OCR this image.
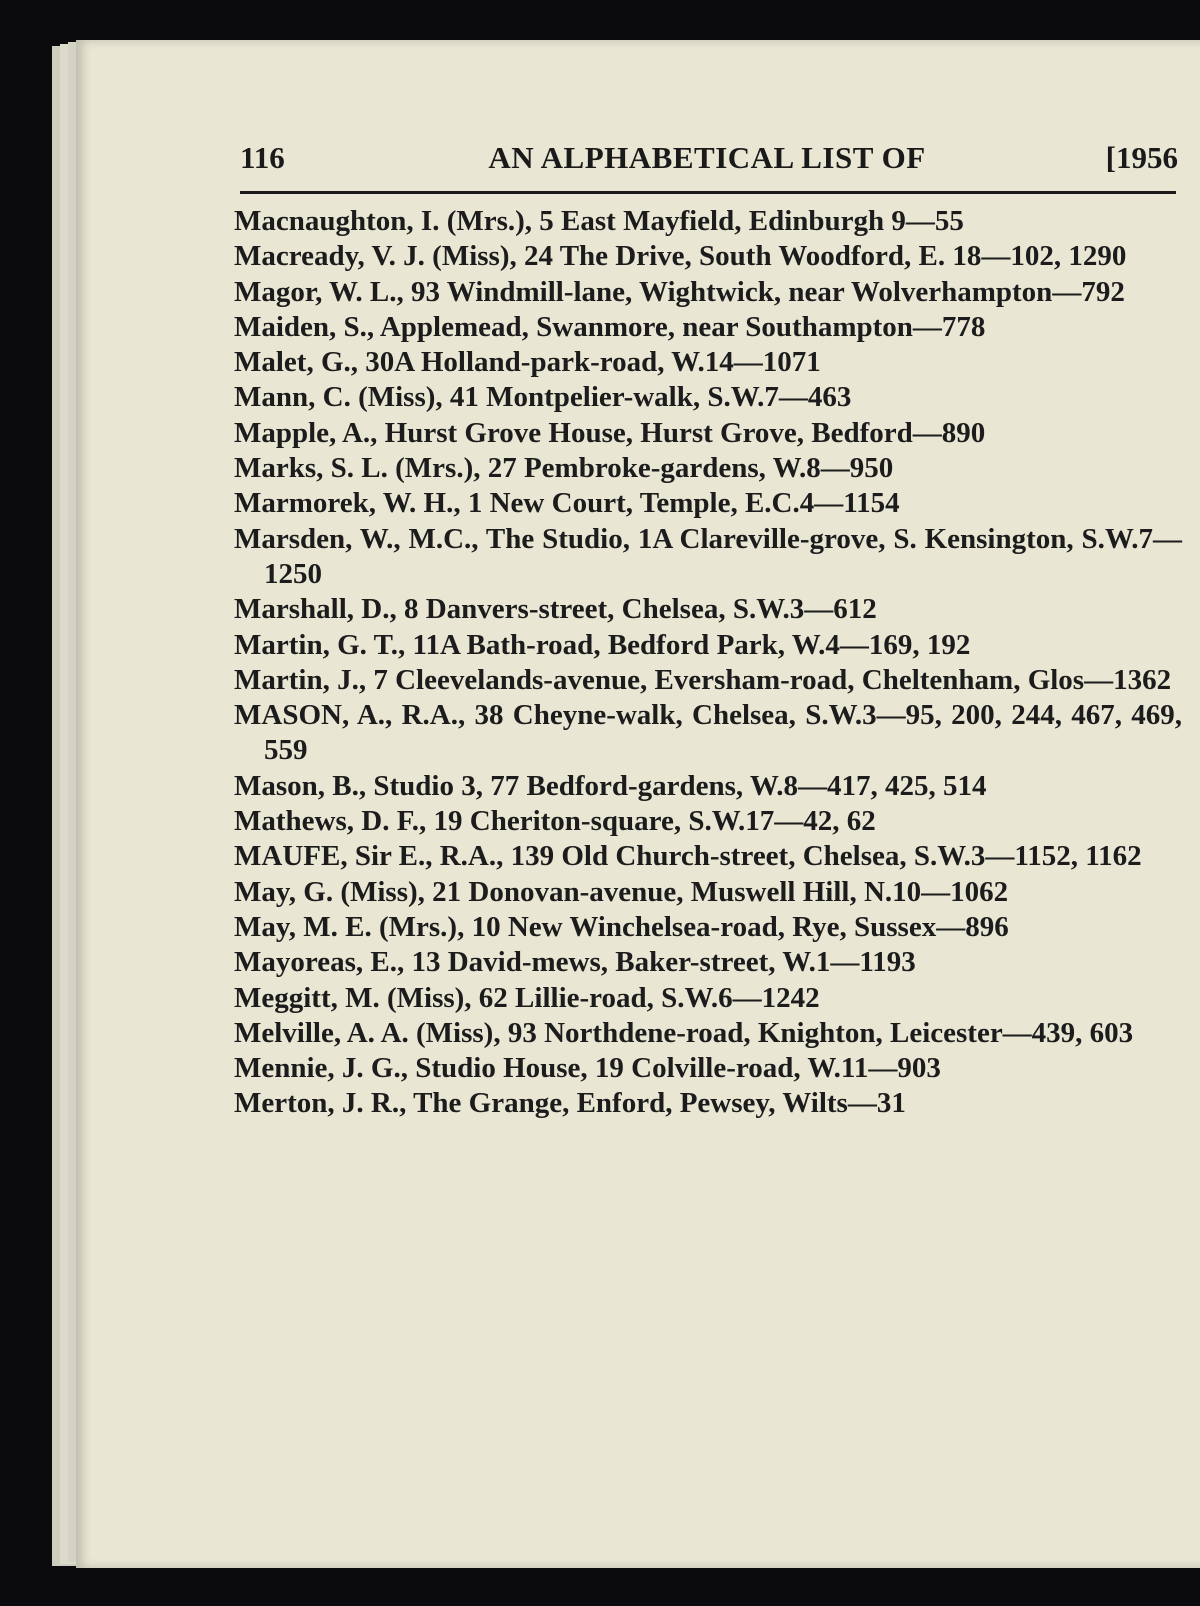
116	AN ALPHABETICAL LIST OF	[1956

Macnaughton, I. (Mrs.), 5 East Mayfield, Edinburgh 9—55

Macready, V. J. (Miss), 24 The Drive, South Woodford, E. 18—102, 1290

Magor, W. L., 93 Windmill-lane, Wightwick, near Wolverhampton—792

Maiden, S., Applemead, Swanmore, near Southampton—778

Malet, G., 30A Holland-park-road, W.14—1071

Mann, C. (Miss), 41 Montpelier-walk, S.W.7—463

Mapple, A., Hurst Grove House, Hurst Grove, Bedford—890

Marks, S. L. (Mrs.), 27 Pembroke-gardens, W.8—950

Marmorek, W. H., 1 New Court, Temple, E.C.4—1154

Marsden, W., M.C., The Studio, 1A Clareville-grove, S. Kensington, S.W.7—1250

Marshall, D., 8 Danvers-street, Chelsea, S.W.3—612

Martin, G. T., 11A Bath-road, Bedford Park, W.4—169, 192

Martin, J., 7 Cleevelands-avenue, Eversham-road, Cheltenham, Glos—1362

MASON, A., R.A., 38 Cheyne-walk, Chelsea, S.W.3—95, 200, 244, 467, 469, 559

Mason, B., Studio 3, 77 Bedford-gardens, W.8—417, 425, 514

Mathews, D. F., 19 Cheriton-square, S.W.17—42, 62

MAUFE, Sir E., R.A., 139 Old Church-street, Chelsea, S.W.3—1152, 1162

May, G. (Miss), 21 Donovan-avenue, Muswell Hill, N.10—1062

May, M. E. (Mrs.), 10 New Winchelsea-road, Rye, Sussex—896

Mayoreas, E., 13 David-mews, Baker-street, W.1—1193

Meggitt, M. (Miss), 62 Lillie-road, S.W.6—1242

Melville, A. A. (Miss), 93 Northdene-road, Knighton, Leicester—439, 603

Mennie, J. G., Studio House, 19 Colville-road, W.11—903

Merton, J. R., The Grange, Enford, Pewsey, Wilts—31
